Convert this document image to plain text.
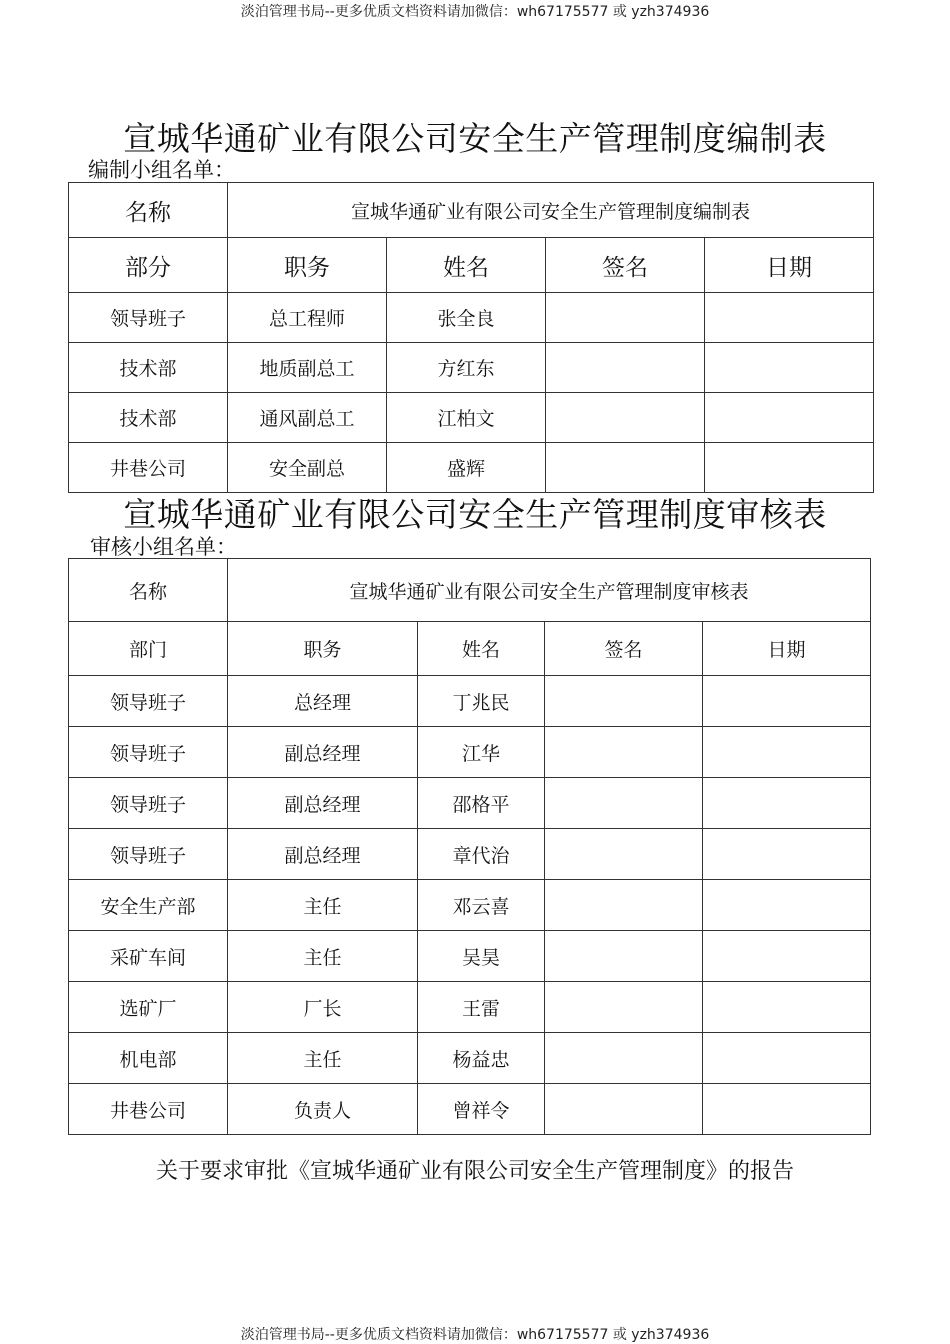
淡泊管理书局--更多优质文档资料请加微信：wh67175577 或 yzh374936
宣城华通矿业有限公司安全生产管理制度编制表
编制小组名单：
名称	宣城华通矿业有限公司安全生产管理制度编制表			
部分	职务	姓名	签名	日期
领导班子	总工程师	张全良		
技术部	地质副总工	方红东		
技术部	通风副总工	江柏文		
井巷公司	安全副总	盛辉		
宣城华通矿业有限公司安全生产管理制度审核表
审核小组名单：
名称	宣城华通矿业有限公司安全生产管理制度审核表			
部门	职务	姓名	签名	日期
领导班子	总经理	丁兆民		
领导班子	副总经理	江华		
领导班子	副总经理	邵格平		
领导班子	副总经理	章代治		
安全生产部	主任	邓云喜		
采矿车间	主任	吴昊		
选矿厂	厂长	王雷		
机电部	主任	杨益忠		
井巷公司	负责人	曾祥令		
关于要求审批《宣城华通矿业有限公司安全生产管理制度》的报告
淡泊管理书局--更多优质文档资料请加微信：wh67175577 或 yzh374936
